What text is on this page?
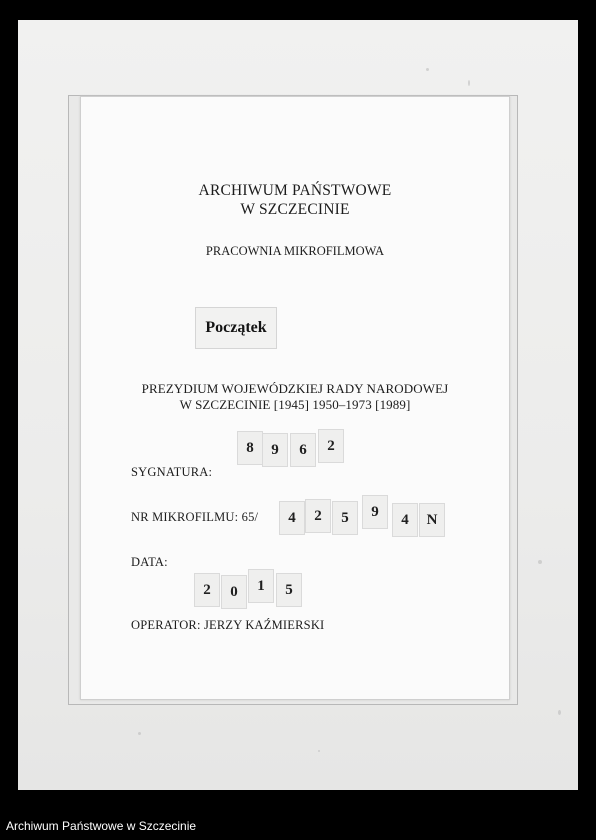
ARCHIWUM PAŃSTWOWE
W SZCZECINIE
PRACOWNIA MIKROFILMOWA
Początek
PREZYDIUM WOJEWÓDZKIEJ RADY NARODOWEJ
W SZCZECINIE [1945] 1950–1973 [1989]
SYGNATURA:
8	9	6	2
NR MIKROFILMU: 65/	4	2	5	9	4	N
DATA:
2	0	1	5
OPERATOR: JERZY KAŹMIERSKI
Archiwum Państwowe w Szczecinie
